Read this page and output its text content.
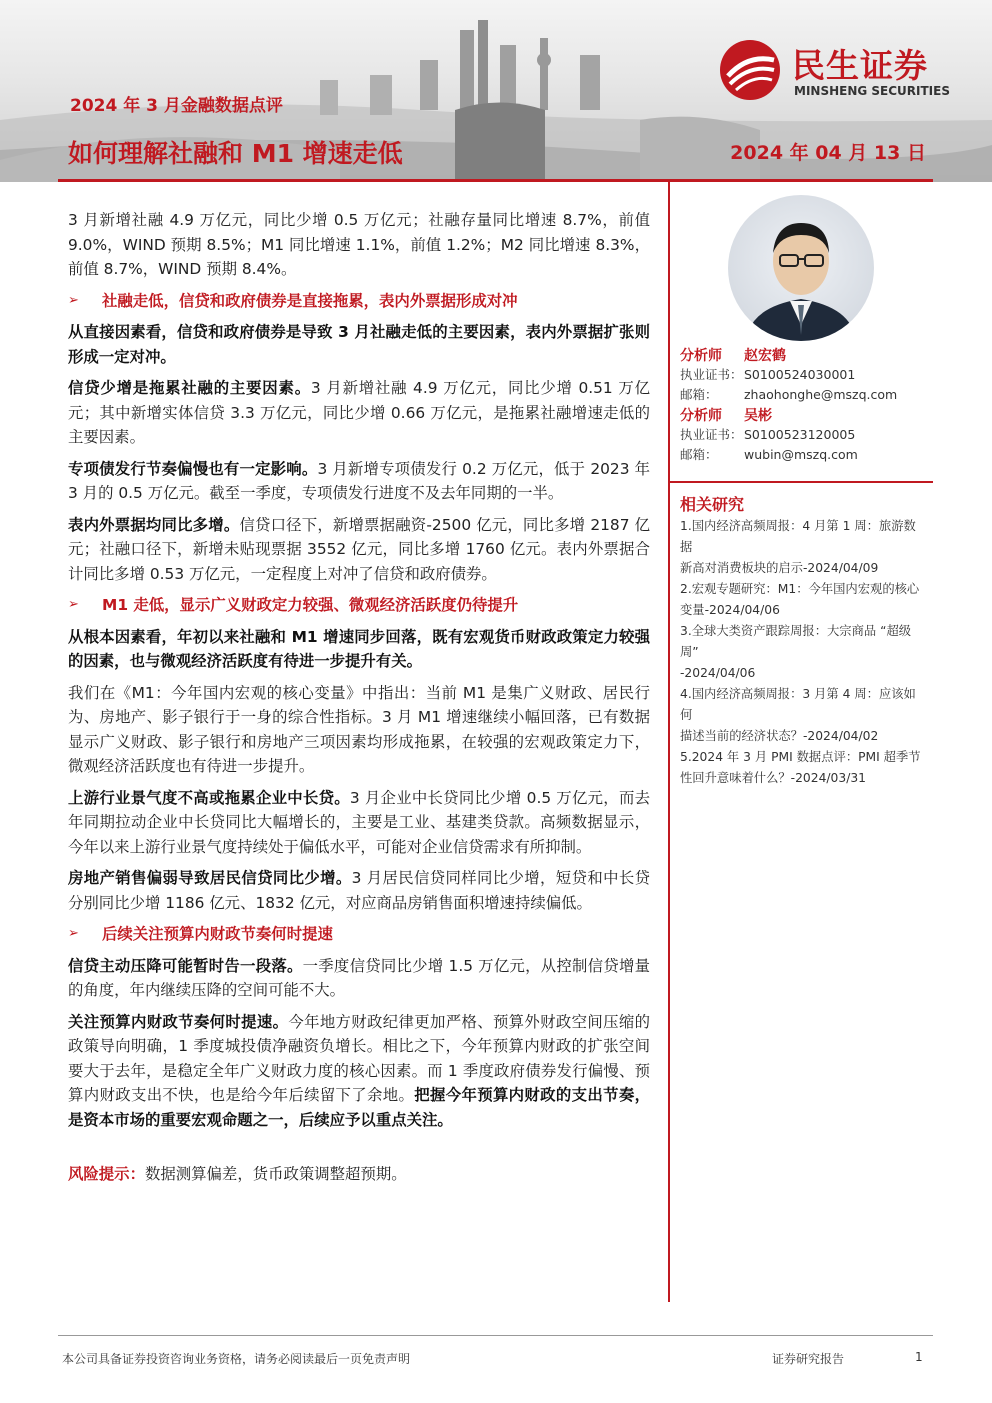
2024 年 3 月金融数据点评
如何理解社融和 M1 增速走低	2024 年 04 月 13 日
民生证券
MINSHENG SECURITIES

3 月新增社融 4.9 万亿元，同比少增 0.5 万亿元；社融存量同比增速 8.7%，前值 9.0%，WIND 预期 8.5%；M1 同比增速 1.1%，前值 1.2%；M2 同比增速 8.3%，前值 8.7%，WIND 预期 8.4%。

➢	社融走低，信贷和政府债券是直接拖累，表内外票据形成对冲

从直接因素看，信贷和政府债券是导致 3 月社融走低的主要因素，表内外票据扩张则形成一定对冲。

信贷少增是拖累社融的主要因素。3 月新增社融 4.9 万亿元，同比少增 0.51 万亿元；其中新增实体信贷 3.3 万亿元，同比少增 0.66 万亿元，是拖累社融增速走低的主要因素。

专项债发行节奏偏慢也有一定影响。3 月新增专项债发行 0.2 万亿元，低于 2023 年 3 月的 0.5 万亿元。截至一季度，专项债发行进度不及去年同期的一半。

表内外票据均同比多增。信贷口径下，新增票据融资-2500 亿元，同比多增 2187 亿元；社融口径下，新增未贴现票据 3552 亿元，同比多增 1760 亿元。表内外票据合计同比多增 0.53 万亿元，一定程度上对冲了信贷和政府债券。

➢	M1 走低，显示广义财政定力较强、微观经济活跃度仍待提升

从根本因素看，年初以来社融和 M1 增速同步回落，既有宏观货币财政政策定力较强的因素，也与微观经济活跃度有待进一步提升有关。

我们在《M1：今年国内宏观的核心变量》中指出：当前 M1 是集广义财政、居民行为、房地产、影子银行于一身的综合性指标。3 月 M1 增速继续小幅回落，已有数据显示广义财政、影子银行和房地产三项因素均形成拖累，在较强的宏观政策定力下，微观经济活跃度也有待进一步提升。

上游行业景气度不高或拖累企业中长贷。3 月企业中长贷同比少增 0.5 万亿元，而去年同期拉动企业中长贷同比大幅增长的，主要是工业、基建类贷款。高频数据显示，今年以来上游行业景气度持续处于偏低水平，可能对企业信贷需求有所抑制。

房地产销售偏弱导致居民信贷同比少增。3 月居民信贷同样同比少增，短贷和中长贷分别同比少增 1186 亿元、1832 亿元，对应商品房销售面积增速持续偏低。

➢	后续关注预算内财政节奏何时提速

信贷主动压降可能暂时告一段落。一季度信贷同比少增 1.5 万亿元，从控制信贷增量的角度，年内继续压降的空间可能不大。

关注预算内财政节奏何时提速。今年地方财政纪律更加严格、预算外财政空间压缩的政策导向明确，1 季度城投债净融资负增长。相比之下，今年预算内财政的扩张空间要大于去年，是稳定全年广义财政力度的核心因素。而 1 季度政府债券发行偏慢、预算内财政支出不快，也是给今年后续留下了余地。把握今年预算内财政的支出节奏，是资本市场的重要宏观命题之一，后续应予以重点关注。

风险提示：数据测算偏差，货币政策调整超预期。

分析师	赵宏鹤
执业证书：S0100524030001
邮箱： zhaohonghe@mszq.com
分析师	吴彬
执业证书：S0100523120005
邮箱： wubin@mszq.com
相关研究
1.国内经济高频周报：4 月第 1 周：旅游数据
新高对消费板块的启示-2024/04/09
2.宏观专题研究：M1：今年国内宏观的核心
变量-2024/04/06
3.全球大类资产跟踪周报：大宗商品 “超级周”
-2024/04/06
4.国内经济高频周报：3 月第 4 周：应该如何
描述当前的经济状态？-2024/04/02
5.2024 年 3 月 PMI 数据点评：PMI 超季节
性回升意味着什么？-2024/03/31
本公司具备证券投资咨询业务资格，请务必阅读最后一页免责声明	证券研究报告	1
